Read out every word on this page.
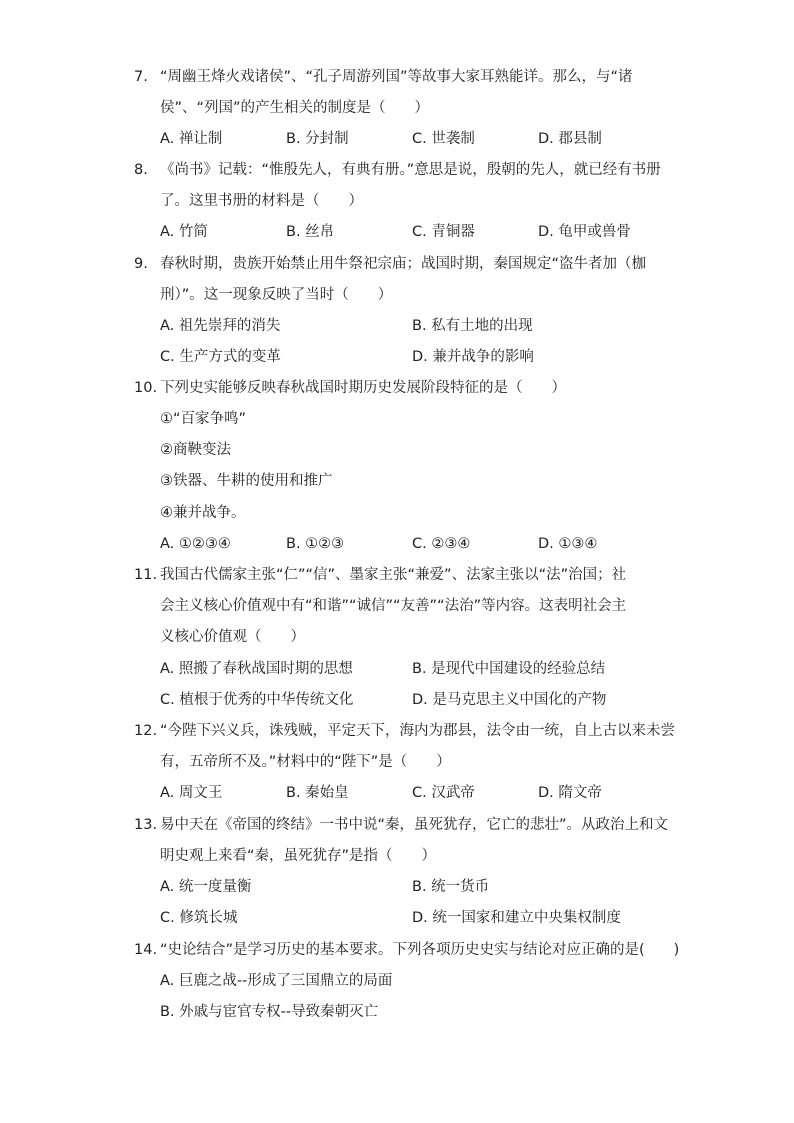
7. “周幽王烽火戏诸侯”、“孔子周游列国”等故事大家耳熟能详。那么，与“诸
侯”、“列国”的产生相关的制度是（　　）
A. 禅让制	B. 分封制	C. 世袭制	D. 郡县制
8. 《尚书》记载：“惟殷先人，有典有册。”意思是说，殷朝的先人，就已经有书册
了。这里书册的材料是（　　）
A. 竹简	B. 丝帛	C. 青铜器	D. 龟甲或兽骨
9. 春秋时期，贵族开始禁止用牛祭祀宗庙；战国时期，秦国规定“盗牛者加（枷
刑）”。这一现象反映了当时（　　）
A. 祖先崇拜的消失	B. 私有土地的出现
C. 生产方式的变革	D. 兼并战争的影响
10. 下列史实能够反映春秋战国时期历史发展阶段特征的是（　　）
①“百家争鸣”
②商鞅变法
③铁器、牛耕的使用和推广
④兼并战争。
A. ①②③④	B. ①②③	C. ②③④	D. ①③④
11. 我国古代儒家主张“仁”“信”、墨家主张“兼爱”、法家主张以“法”治国；社
会主义核心价值观中有“和谐”“诚信”“友善”“法治”等内容。这表明社会主
义核心价值观（　　）
A. 照搬了春秋战国时期的思想	B. 是现代中国建设的经验总结
C. 植根于优秀的中华传统文化	D. 是马克思主义中国化的产物
12. “今陛下兴义兵，诛残贼，平定天下，海内为郡县，法令由一统，自上古以来未尝
有，五帝所不及。”材料中的“陛下”是（　　）
A. 周文王	B. 秦始皇	C. 汉武帝	D. 隋文帝
13. 易中天在《帝国的终结》一书中说“秦，虽死犹存，它亡的悲壮”。从政治上和文
明史观上来看“秦，虽死犹存”是指（　　）
A. 统一度量衡	B. 统一货币
C. 修筑长城	D. 统一国家和建立中央集权制度
14. “史论结合”是学习历史的基本要求。下列各项历史史实与结论对应正确的是(　　)
A. 巨鹿之战--形成了三国鼎立的局面
B. 外戚与宦官专权--导致秦朝灭亡
